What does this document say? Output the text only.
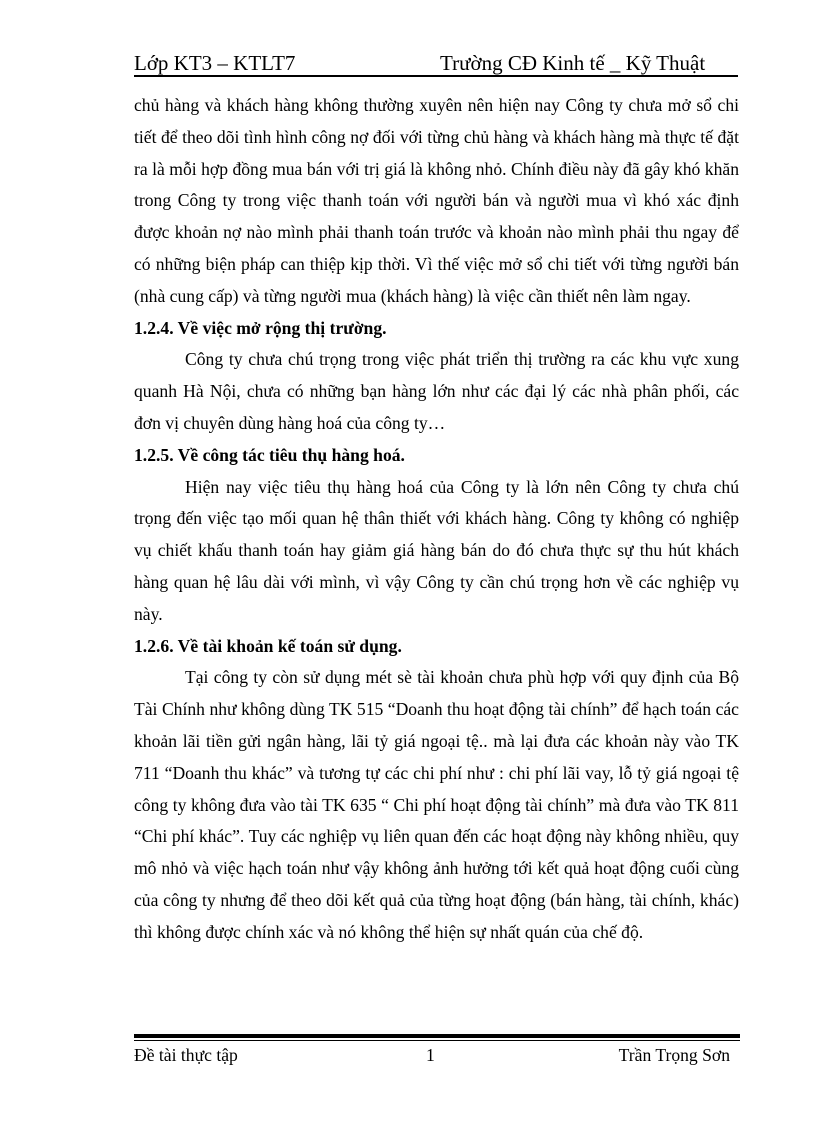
Lớp KT3 – KTLT7	Trường CĐ Kinh tế _ Kỹ Thuật

chủ hàng và khách hàng không thường xuyên nên hiện nay Công ty chưa mở sổ chi tiết để theo dõi tình hình công nợ đối với từng chủ hàng và khách hàng mà thực tế đặt ra là mỗi hợp đồng mua bán với trị giá là không nhỏ. Chính điều này đã gây khó khăn trong Công ty trong việc thanh toán với người bán và người mua vì khó xác định được khoản nợ nào mình phải thanh toán trước và khoản nào mình phải thu ngay để có những biện pháp can thiệp kịp thời. Vì thế việc mở sổ chi tiết với từng người bán (nhà cung cấp) và từng người mua (khách hàng) là việc cần thiết nên làm ngay.

1.2.4. Về việc mở rộng thị trường.

Công ty chưa chú trọng trong việc phát triển thị trường ra các khu vực xung quanh Hà Nội, chưa có những bạn hàng lớn như các đại lý các nhà phân phối, các đơn vị chuyên dùng hàng hoá của công ty…

1.2.5. Về công tác tiêu thụ hàng hoá.

Hiện nay việc tiêu thụ hàng hoá của Công ty là lớn nên Công ty chưa chú trọng đến việc tạo mối quan hệ thân thiết với khách hàng. Công ty không có nghiệp vụ chiết khấu thanh toán hay giảm giá hàng bán do đó chưa thực sự thu hút khách hàng quan hệ lâu dài với mình, vì vậy Công ty cần chú trọng hơn về các nghiệp vụ này.

1.2.6. Về tài khoản kế toán sử dụng.

Tại công ty còn sử dụng mét sè tài khoản chưa phù hợp với quy định của Bộ Tài Chính như không dùng TK 515 “Doanh thu hoạt động tài chính” để hạch toán các khoản lãi tiền gửi ngân hàng, lãi tỷ giá ngoại tệ.. mà lại đưa các khoản này vào TK 711 “Doanh thu khác” và tương tự các chi phí như : chi phí lãi vay, lỗ tỷ giá ngoại tệ công ty không đưa vào tài TK 635 “ Chi phí hoạt động tài chính” mà đưa vào TK 811 “Chi phí khác”. Tuy các nghiệp vụ liên quan đến các hoạt động này không nhiều, quy mô nhỏ và việc hạch toán như vậy không ảnh hưởng tới kết quả hoạt động cuối cùng của công ty nhưng để theo dõi kết quả của từng hoạt động (bán hàng, tài chính, khác) thì không được chính xác và nó không thể hiện sự nhất quán của chế độ.

Đề tài thực tập	1	Trần Trọng Sơn
